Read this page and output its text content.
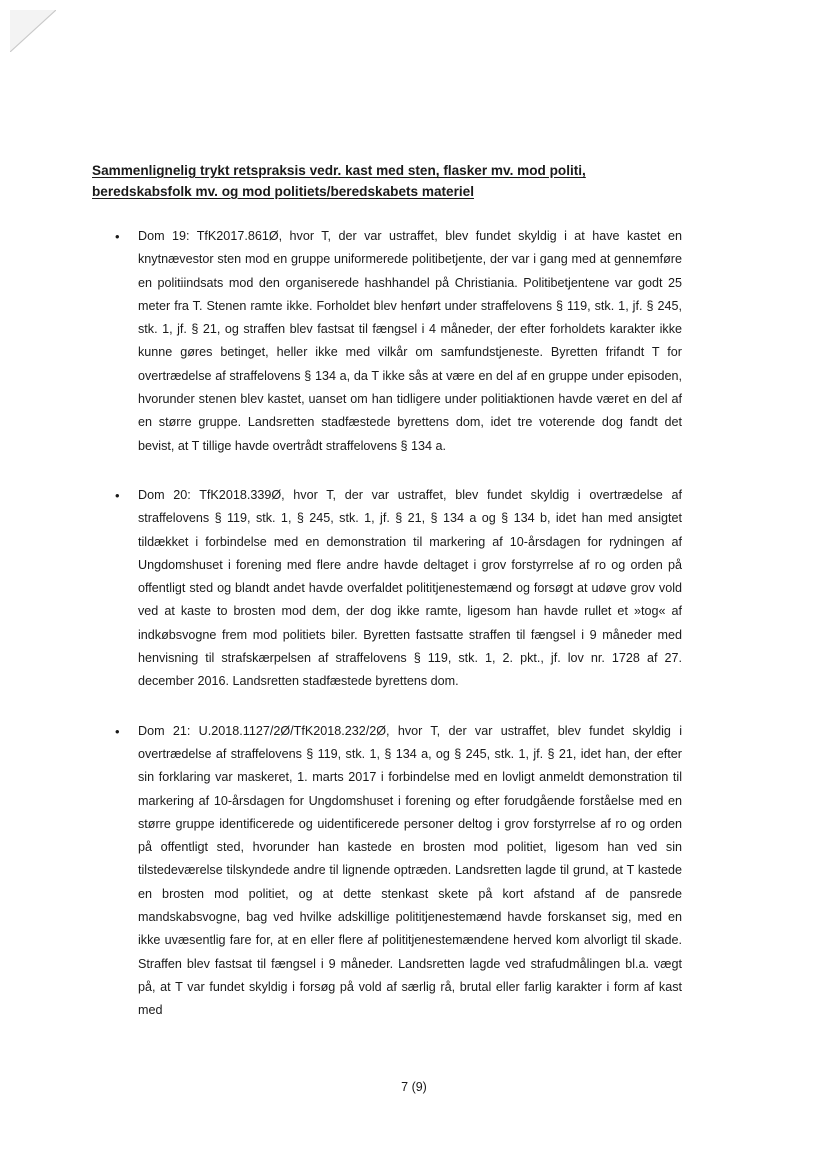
Sammenlignelig trykt retspraksis vedr. kast med sten, flasker mv. mod politi, beredskabsfolk mv. og mod politiets/beredskabets materiel
• Dom 19: TfK2017.861Ø, hvor T, der var ustraffet, blev fundet skyldig i at have kastet en knytnævestor sten mod en gruppe uniformerede politibetjente, der var i gang med at gennemføre en politiindsats mod den organiserede hashhandel på Christiania. Politibetjentene var godt 25 meter fra T. Stenen ramte ikke. Forholdet blev henført under straffelovens § 119, stk. 1, jf. § 245, stk. 1, jf. § 21, og straffen blev fastsat til fængsel i 4 måneder, der efter forholdets karakter ikke kunne gøres betinget, heller ikke med vilkår om samfundstjeneste. Byretten frifandt T for overtrædelse af straffelovens § 134 a, da T ikke sås at være en del af en gruppe under episoden, hvorunder stenen blev kastet, uanset om han tidligere under politiaktionen havde været en del af en større gruppe. Landsretten stadfæstede byrettens dom, idet tre voterende dog fandt det bevist, at T tillige havde overtrådt straffelovens § 134 a.
• Dom 20: TfK2018.339Ø, hvor T, der var ustraffet, blev fundet skyldig i overtrædelse af straffelovens § 119, stk. 1, § 245, stk. 1, jf. § 21, § 134 a og § 134 b, idet han med ansigtet tildækket i forbindelse med en demonstration til markering af 10-årsdagen for rydningen af Ungdomshuset i forening med flere andre havde deltaget i grov forstyrrelse af ro og orden på offentligt sted og blandt andet havde overfaldet polititjenestemænd og forsøgt at udøve grov vold ved at kaste to brosten mod dem, der dog ikke ramte, ligesom han havde rullet et »tog« af indkøbsvogne frem mod politiets biler. Byretten fastsatte straffen til fængsel i 9 måneder med henvisning til strafskærpelsen af straffelovens § 119, stk. 1, 2. pkt., jf. lov nr. 1728 af 27. december 2016. Landsretten stadfæstede byrettens dom.
• Dom 21: U.2018.1127/2Ø/TfK2018.232/2Ø, hvor T, der var ustraffet, blev fundet skyldig i overtrædelse af straffelovens § 119, stk. 1, § 134 a, og § 245, stk. 1, jf. § 21, idet han, der efter sin forklaring var maskeret, 1. marts 2017 i forbindelse med en lovligt anmeldt demonstration til markering af 10-årsdagen for Ungdomshuset i forening og efter forudgående forståelse med en større gruppe identificerede og uidentificerede personer deltog i grov forstyrrelse af ro og orden på offentligt sted, hvorunder han kastede en brosten mod politiet, ligesom han ved sin tilstedeværelse tilskyndede andre til lignende optræden. Landsretten lagde til grund, at T kastede en brosten mod politiet, og at dette stenkast skete på kort afstand af de pansrede mandskabsvogne, bag ved hvilke adskillige polititjenestemænd havde forskanset sig, med en ikke uvæsentlig fare for, at en eller flere af polititjenestemændene herved kom alvorligt til skade. Straffen blev fastsat til fængsel i 9 måneder. Landsretten lagde ved strafudmålingen bl.a. vægt på, at T var fundet skyldig i forsøg på vold af særlig rå, brutal eller farlig karakter i form af kast med
7 (9)
